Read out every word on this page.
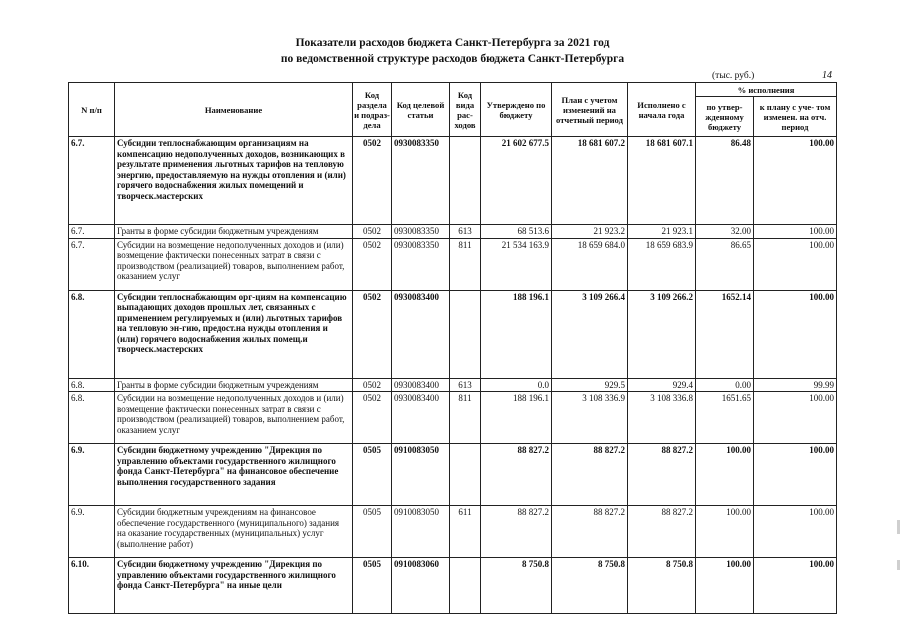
Показатели расходов бюджета Санкт-Петербурга за 2021 год
по ведомственной структуре расходов бюджета Санкт-Петербурга
(тыс. руб.)	14
N п/п	Наименование	Код раздела и подраз- дела	Код целевой статьи	Код вида рас- ходов	Утверждено по бюджету	План с учетом изменений на отчетный период	Исполнено с начала года	% исполнения	
								по утвер- жденному бюджету	к плану с уче- том изменен. на отч. период
6.7.	Субсидии теплоснабжающим организациям на компенсацию недополученных доходов, возникающих в результате применения льготных тарифов на тепловую энергию, предоставляемую на нужды отопления и (или) горячего водоснабжения жилых помещений и творческ.мастерских	0502	0930083350		21 602 677.5	18 681 607.2	18 681 607.1	86.48	100.00
6.7.	Гранты в форме субсидии бюджетным учреждениям	0502	0930083350	613	68 513.6	21 923.2	21 923.1	32.00	100.00
6.7.	Субсидии на возмещение недополученных доходов и (или) возмещение фактически понесенных затрат в связи с производством (реализацией) товаров, выполнением работ, оказанием услуг	0502	0930083350	811	21 534 163.9	18 659 684.0	18 659 683.9	86.65	100.00
6.8.	Субсидии теплоснабжающим орг-циям на компенсацию выпадающих доходов прошлых лет, связанных с применением регулируемых и (или) льготных тарифов на тепловую эн-гию, предост.на нужды отопления и (или) горячего водоснабжения жилых помещ.и творческ.мастерских	0502	0930083400		188 196.1	3 109 266.4	3 109 266.2	1652.14	100.00
6.8.	Гранты в форме субсидии бюджетным учреждениям	0502	0930083400	613	0.0	929.5	929.4	0.00	99.99
6.8.	Субсидии на возмещение недополученных доходов и (или) возмещение фактически понесенных затрат в связи с производством (реализацией) товаров, выполнением работ, оказанием услуг	0502	0930083400	811	188 196.1	3 108 336.9	3 108 336.8	1651.65	100.00
6.9.	Субсидии бюджетному учреждению "Дирекция по управлению объектами государственного жилищного фонда Санкт-Петербурга" на финансовое обеспечение выполнения государственного задания	0505	0910083050		88 827.2	88 827.2	88 827.2	100.00	100.00
6.9.	Субсидии бюджетным учреждениям на финансовое обеспечение государственного (муниципального) задания на оказание государственных (муниципальных) услуг (выполнение работ)	0505	0910083050	611	88 827.2	88 827.2	88 827.2	100.00	100.00
6.10.	Субсидии бюджетному учреждению "Дирекция по управлению объектами государственного жилищного фонда Санкт-Петербурга" на иные цели	0505	0910083060		8 750.8	8 750.8	8 750.8	100.00	100.00
